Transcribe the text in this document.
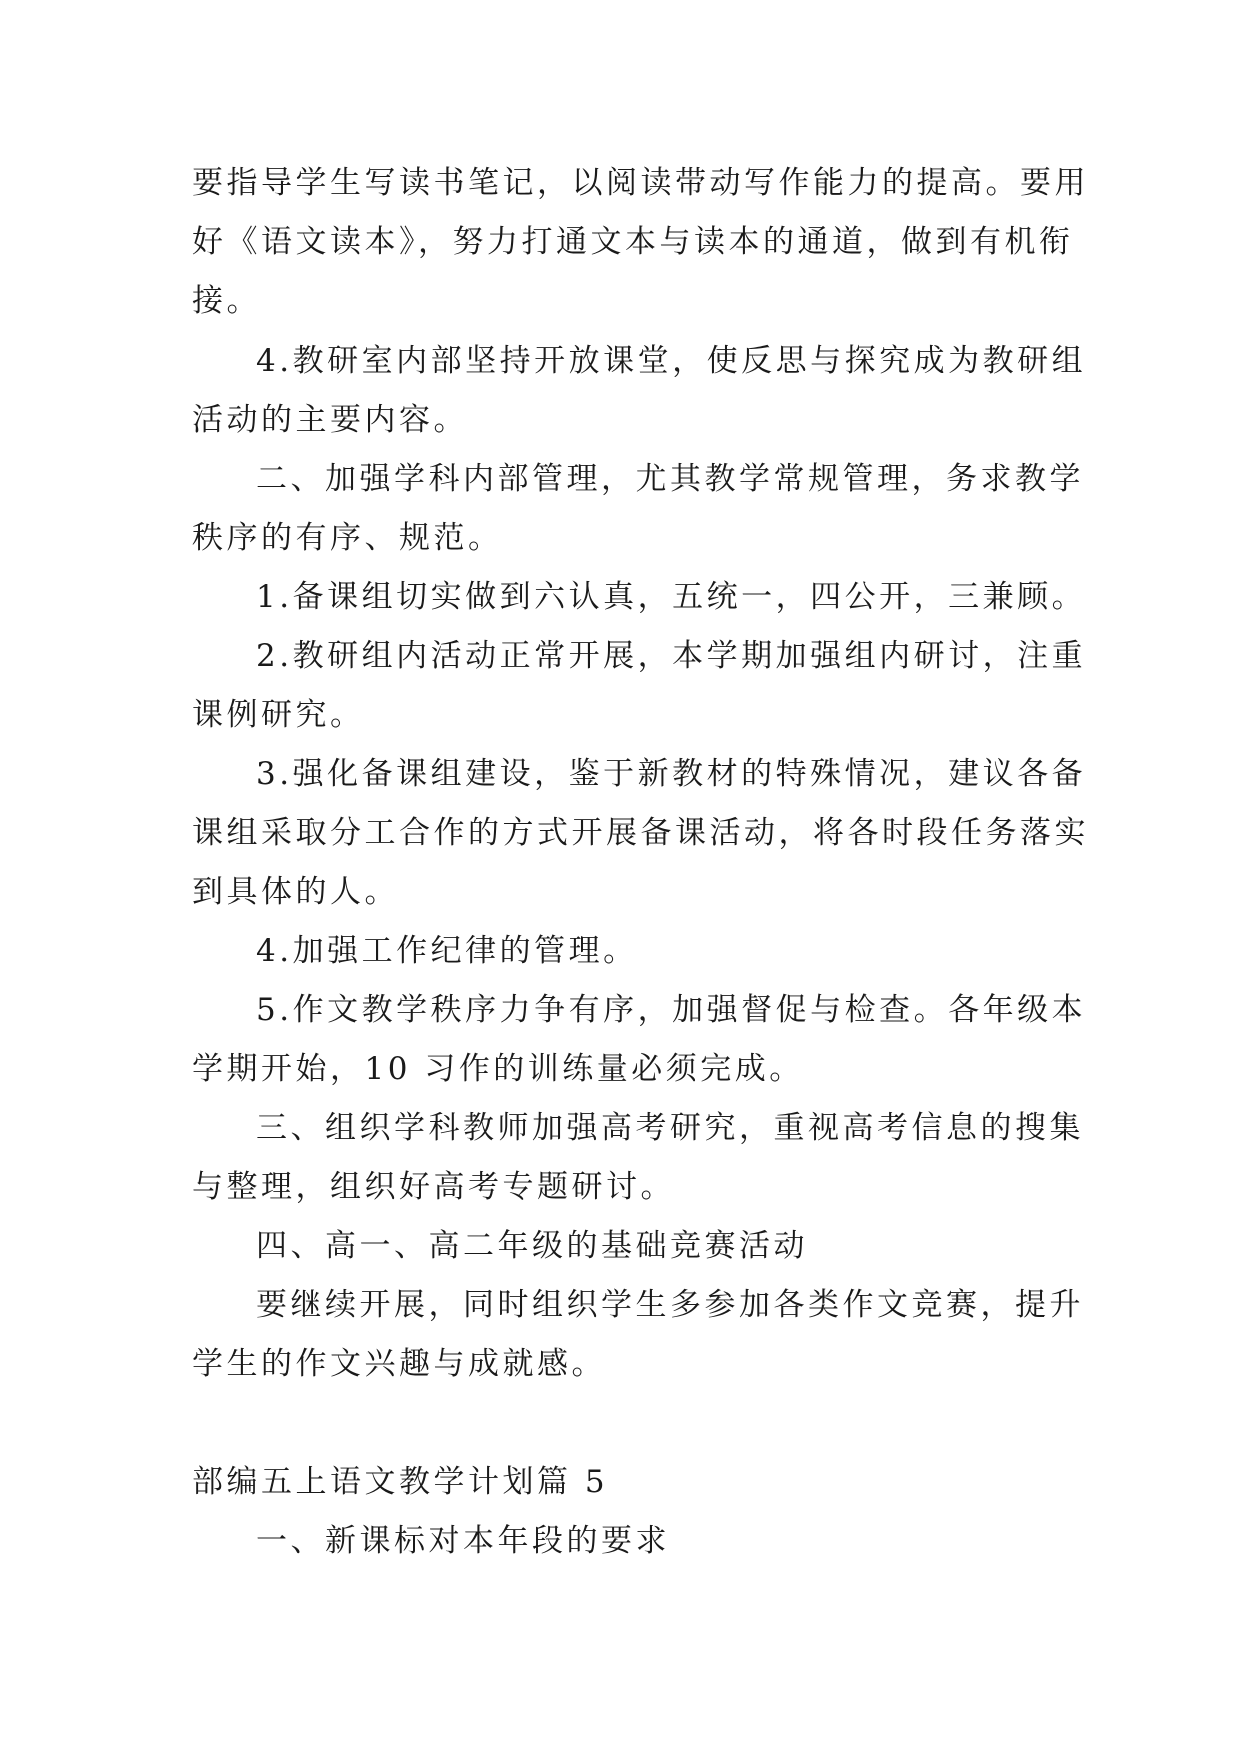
要指导学生写读书笔记，以阅读带动写作能力的提高。要用
好《语文读本》，努力打通文本与读本的通道，做到有机衔
接。
4.教研室内部坚持开放课堂，使反思与探究成为教研组
活动的主要内容。
二、加强学科内部管理，尤其教学常规管理，务求教学
秩序的有序、规范。
1.备课组切实做到六认真，五统一，四公开，三兼顾。
2.教研组内活动正常开展，本学期加强组内研讨，注重
课例研究。
3.强化备课组建设，鉴于新教材的特殊情况，建议各备
课组采取分工合作的方式开展备课活动，将各时段任务落实
到具体的人。
4.加强工作纪律的管理。
5.作文教学秩序力争有序，加强督促与检查。各年级本
学期开始，10 习作的训练量必须完成。
三、组织学科教师加强高考研究，重视高考信息的搜集
与整理，组织好高考专题研讨。
四、高一、高二年级的基础竞赛活动
要继续开展，同时组织学生多参加各类作文竞赛，提升
学生的作文兴趣与成就感。
部编五上语文教学计划篇 5
一、新课标对本年段的要求
